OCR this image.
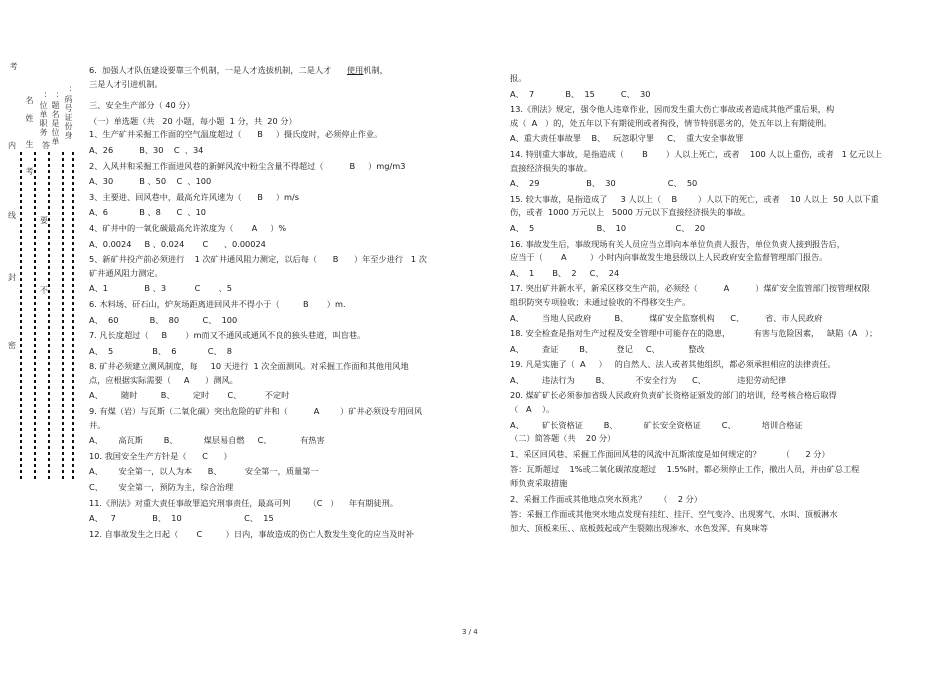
考
名　姓
生　　考
：位单职务 ：题名是位单 ：码号证份身
内
线
封
密
要
不
答

6.  加强人才队伍建设要靠三个机制，一是人才选拔机制，二是人才 使用机制，

三是人才引进机制。

三、安全生产部分（ 40 分）

（一）单选题（共   20 小题，每小题  1 分，共  20 分）

1、生产矿井采掘工作面的空气温度超过（      B     ）摄氏度时，必须停止作业。

A、26          B、30    C  、34

2、入风井和采掘工作面进风巷的新鲜风流中粉尘含量不得超过（          B     ）mg/m3

A、30          B 、50    C  、100

3、主要进、回风巷中，最高允许风速为（      B     ）m/s

A、6            B 、8      C  、10

4、矿井中的一氧化碳最高允许浓度为（       A     ）%

A、0.0024     B 、0.024       C      、0.00024

5、新矿井投产前必须进行    1 次矿井通风阻力测定，以后每（      B      ）年至少进行   1 次

矿井通风阻力测定。

A、1              B 、3           C       、5

6. 木料场、矸石山，炉灰场距离进回风井不得小于（         B       ）m.

A、  60            B、  80         C、  100

7. 凡长度超过（     B       ）m而又不通风或通风不良的独头巷道，叫盲巷。

A、  5               B、  6            C、  8

8. 矿井必须建立测风制度，每     10 天进行  1 次全面测风。对采掘工作面和其他用风地

点，应根据实际需要（     A      ）测风。

A、       随时         B、       定时       C、         不定时

9. 有煤（岩）与瓦斯（二氧化碳）突出危险的矿井和（          A        ）矿井必须设专用回风

井。

A、      高瓦斯        B、          煤层易自燃     C、           有热害

10. 我国安全生产方针是（      C      ）

A、      安全第一，以人为本      B、         安全第一，质量第一

C、      安全第一，预防为主，综合治理

11.《刑法》对重大责任事故罪追究刑事责任，最高可判       （C   ）    年有期徒刑。

A、   7              B、  10                        C、  15

12. 自事故发生之日起（       C         ）日内，事故造成的伤亡人数发生变化的应当及时补

报。

A、  7            B、  15          C、  30

13.《刑法》规定，强令他人违章作业，因而发生重大伤亡事故或者造成其他严重后果，构

成（  A   ）的，处五年以下有期徒刑或者拘役，情节特别恶劣的，处五年以上有期徒刑。

A、重大责任事故罪    B、   玩忽职守罪     C、  重大安全事故罪

14. 特别重大事故，是指造成（       B       ）人以上死亡，或者    100 人以上重伤，或者   1 亿元以上

直接经济损失的事故。

A、  29                  B、  30                    C、  50

15. 较大事故，是指造成了     3 人以上（    B        ）人以下的死亡，或者    10 人以上  50 人以下重

伤，或者  1000 万元以上   5000 万元以下直接经济损失的事故。

A、  5                        B、  10                   C、  20

16. 事故发生后，事故现场有关人员应当立即向本单位负责人报告，单位负责人接到报告后，

应当于（       A         ）小时内向事故发生地县级以上人民政府安全监督管理部门报告。

A、  1       B、  2     C、  24

17. 突出矿井新水平，新采区移交生产前，必须经（          A          ）煤矿安全监管部门按管理权限

组织防突专项验收；未通过验收的不得移交生产。

A、       当地人民政府         B、        煤矿安全监察机构      C、        省、市人民政府

18. 安全检查是指对生产过程及安全管理中可能存在的隐患，         有害与危险因素，   缺陷（A   ）；

A、       查证        B、         登记     C、           整改

19. 凡是实施了（  A     ）   的自然人、法人或者其他组织，都必须承担相应的法律责任。

A、       违法行为        B、          不安全行为      C、            违犯劳动纪律

20. 煤矿矿长必须参加省级人民政府负责矿长资格证颁发的部门的培训，经考核合格后取得

（   A    ）。

A、       矿长资格证        B、          矿长安全资格证        C、          培训合格证

（二）简答题（共    20 分）

1、采区回风巷、采掘工作面回风巷的风流中瓦斯浓度是如何规定的？        （      2 分）

答：瓦斯超过    1%或二氧化碳浓度超过    1.5%时，都必须停止工作，撤出人员，并由矿总工程

师负责采取措施

2、采掘工作面或其他地点突水预兆？     （    2 分）

答：采掘工作面或其他突水地点发现有挂红、挂汗、空气变冷、出现雾气、水叫、顶板淋水

加大、顶板来压、、底板鼓起或产生裂隙出现渗水、水色发浑、有臭味等

3 / 4
